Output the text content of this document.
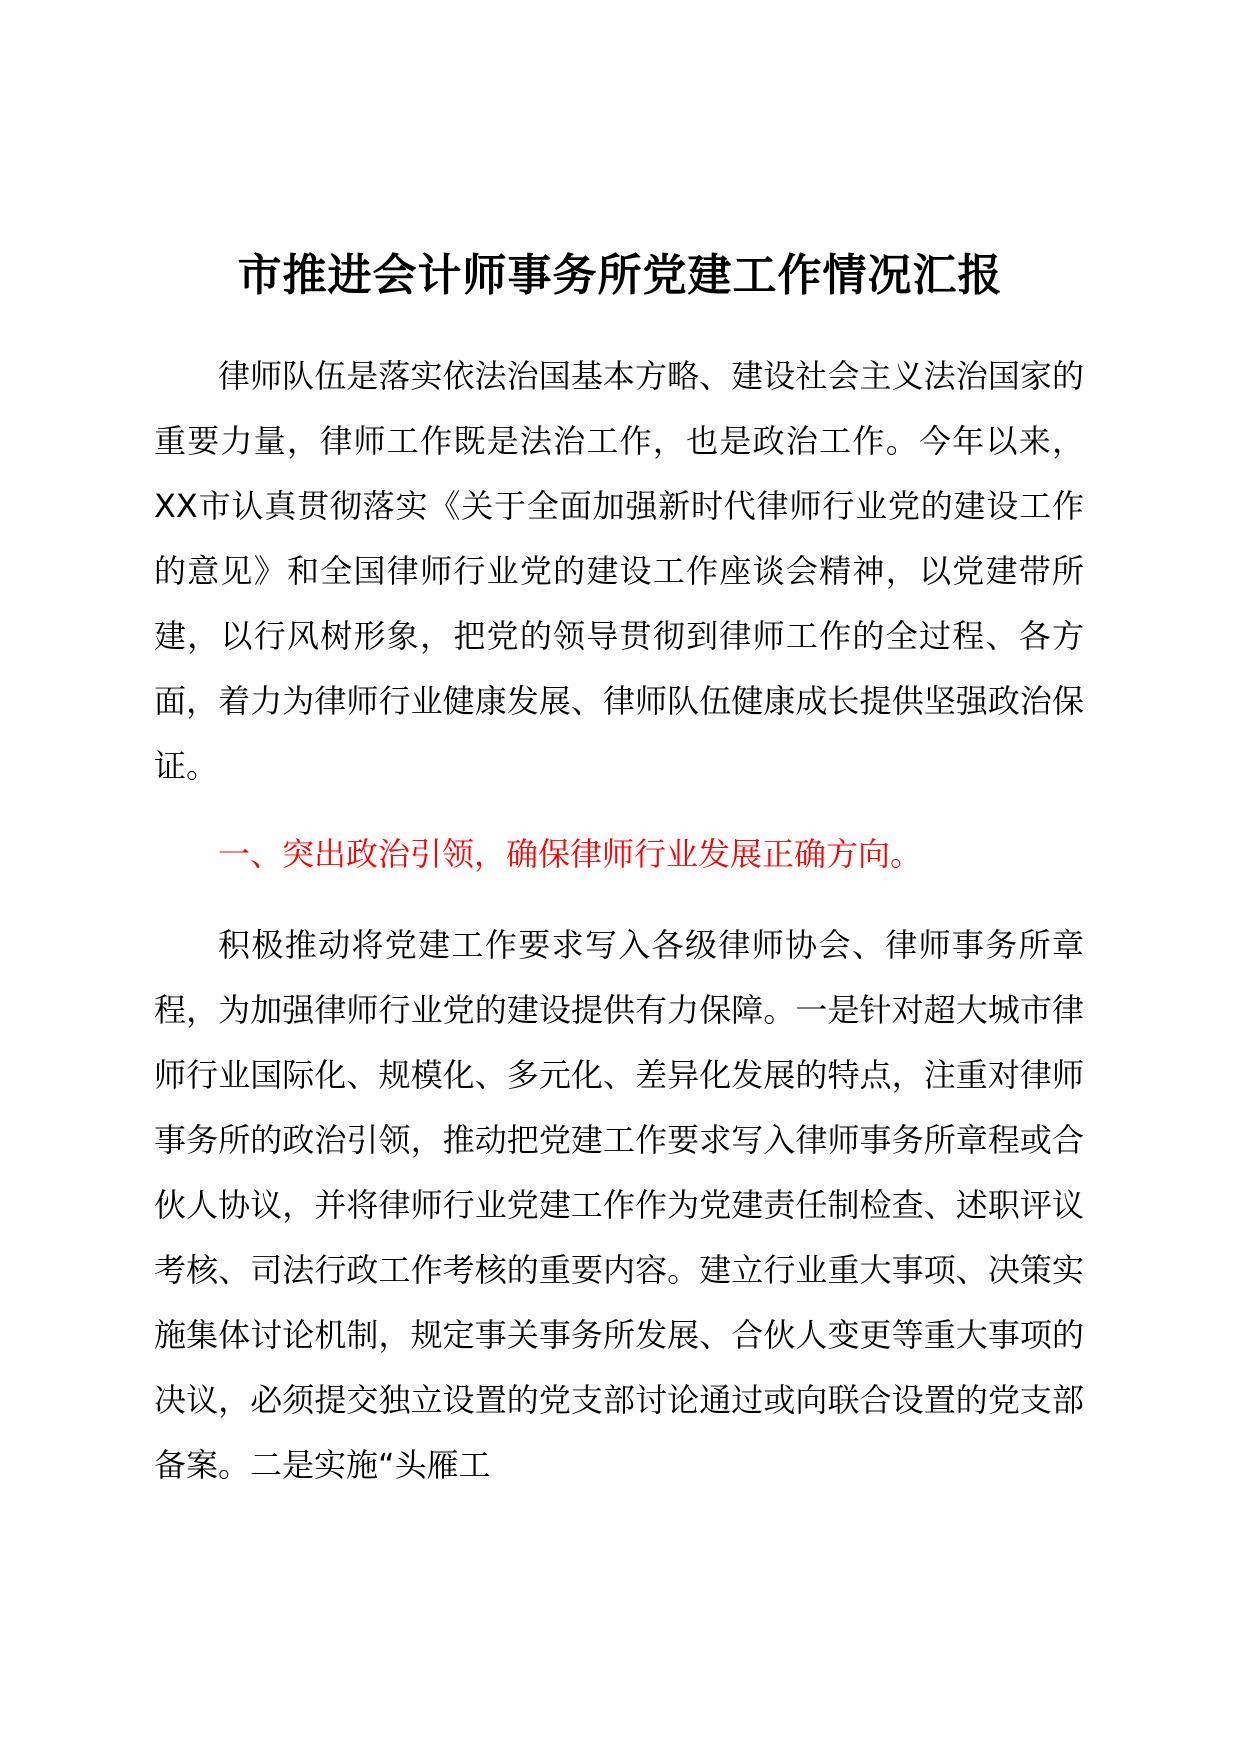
市推进会计师事务所党建工作情况汇报

律师队伍是落实依法治国基本方略、建设社会主义法治国家的重要力量，律师工作既是法治工作，也是政治工作。今年以来，XX市认真贯彻落实《关于全面加强新时代律师行业党的建设工作的意见》和全国律师行业党的建设工作座谈会精神，以党建带所建，以行风树形象，把党的领导贯彻到律师工作的全过程、各方面，着力为律师行业健康发展、律师队伍健康成长提供坚强政治保证。

一、突出政治引领，确保律师行业发展正确方向。

积极推动将党建工作要求写入各级律师协会、律师事务所章程，为加强律师行业党的建设提供有力保障。一是针对超大城市律师行业国际化、规模化、多元化、差异化发展的特点，注重对律师事务所的政治引领，推动把党建工作要求写入律师事务所章程或合伙人协议，并将律师行业党建工作作为党建责任制检查、述职评议考核、司法行政工作考核的重要内容。建立行业重大事项、决策实施集体讨论机制，规定事关事务所发展、合伙人变更等重大事项的决议，必须提交独立设置的党支部讨论通过或向联合设置的党支部备案。二是实施“头雁工
